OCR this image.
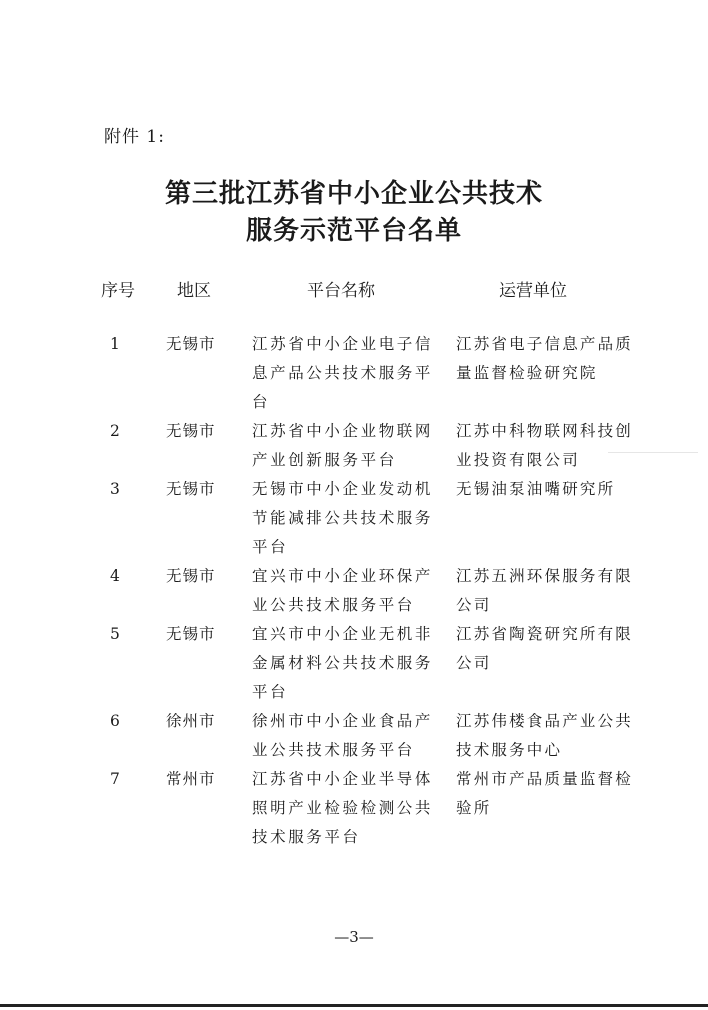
附件 1:
第三批江苏省中小企业公共技术
服务示范平台名单
序号 地区	平台名称	运营单位
1	无锡市	江苏省中小企业电子信息产品公共技术服务平台	江苏省电子信息产品质量监督检验研究院
2	无锡市	江苏省中小企业物联网产业创新服务平台	江苏中科物联网科技创业投资有限公司
3	无锡市	无锡市中小企业发动机节能减排公共技术服务平台	无锡油泵油嘴研究所
4	无锡市	宜兴市中小企业环保产业公共技术服务平台	江苏五洲环保服务有限公司
5	无锡市	宜兴市中小企业无机非金属材料公共技术服务平台	江苏省陶瓷研究所有限公司
6	徐州市	徐州市中小企业食品产业公共技术服务平台	江苏伟楼食品产业公共技术服务中心
7	常州市	江苏省中小企业半导体照明产业检验检测公共技术服务平台	常州市产品质量监督检验所
—3—
